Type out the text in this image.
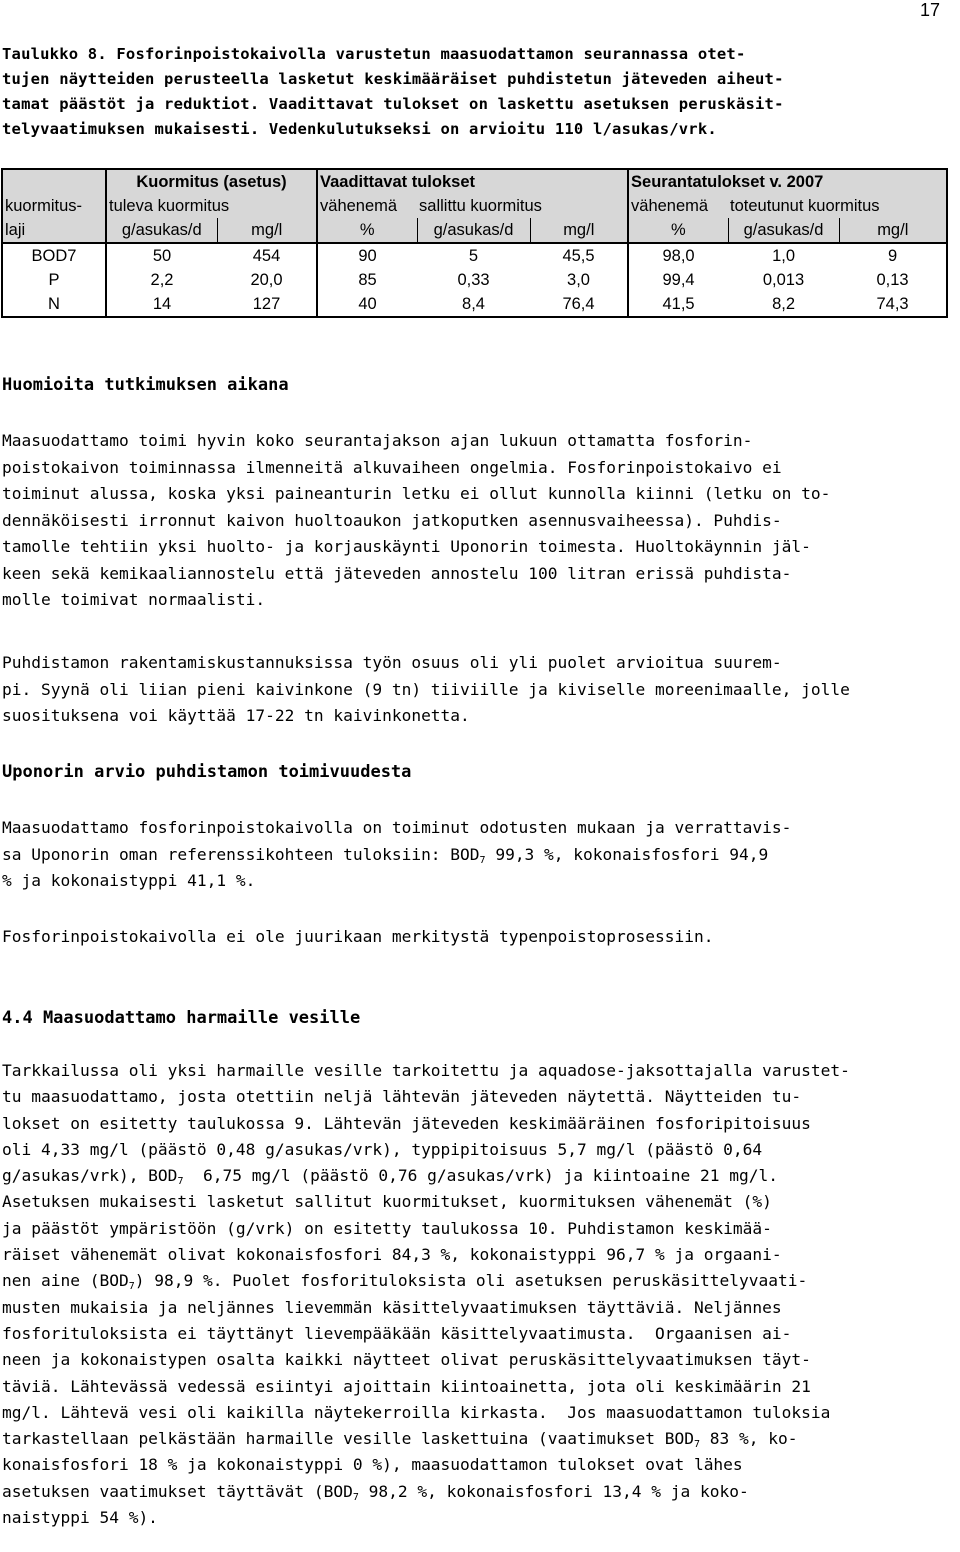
17
Taulukko 8. Fosforinpoistokaivolla varustetun maasuodattamon seurannassa otet-
tujen näytteiden perusteella lasketut keskimääräiset puhdistetun jäteveden aiheut-
tamat päästöt ja reduktiot. Vaadittavat tulokset on laskettu asetuksen peruskäsit-
telyvaatimuksen mukaisesti. Vedenkulutukseksi on arvioitu 110 l/asukas/vrk.
	Kuormitus (asetus)		Vaadittavat tulokset			Seurantatulokset v. 2007		
kuormitus-	tuleva kuormitus		vähenemä	sallittu kuormitus		vähenemä	toteutunut kuormitus	
laji	g/asukas/d	mg/l	%	g/asukas/d	mg/l	%	g/asukas/d	mg/l
BOD7	50	454	90	5	45,5	98,0	1,0	9
P	2,2	20,0	85	0,33	3,0	99,4	0,013	0,13
N	14	127	40	8,4	76,4	41,5	8,2	74,3
Huomioita tutkimuksen aikana
Maasuodattamo toimi hyvin koko seurantajakson ajan lukuun ottamatta fosforin-
poistokaivon toiminnassa ilmenneitä alkuvaiheen ongelmia. Fosforinpoistokaivo ei
toiminut alussa, koska yksi paineanturin letku ei ollut kunnolla kiinni (letku on to-
dennäköisesti irronnut kaivon huoltoaukon jatkoputken asennusvaiheessa). Puhdis-
tamolle tehtiin yksi huolto- ja korjauskäynti Uponorin toimesta. Huoltokäynnin jäl-
keen sekä kemikaaliannostelu että jäteveden annostelu 100 litran erissä puhdista-
molle toimivat normaalisti.
Puhdistamon rakentamiskustannuksissa työn osuus oli yli puolet arvioitua suurem-
pi. Syynä oli liian pieni kaivinkone (9 tn) tiiviille ja kiviselle moreenimaalle, jolle
suosituksena voi käyttää 17-22 tn kaivinkonetta.
Uponorin arvio puhdistamon toimivuudesta
Maasuodattamo fosforinpoistokaivolla on toiminut odotusten mukaan ja verrattavis-
sa Uponorin oman referenssikohteen tuloksiin: $BOD_7$ 99,3 %, kokonaisfosfori 94,9
% ja kokonaistyppi 41,1 %.
Fosforinpoistokaivolla ei ole juurikaan merkitystä typenpoistoprosessiin.
4.4 Maasuodattamo harmaille vesille
Tarkkailussa oli yksi harmaille vesille tarkoitettu ja aquadose-jaksottajalla varustet-
tu maasuodattamo, josta otettiin neljä lähtevän jäteveden näytettä. Näytteiden tu-
lokset on esitetty taulukossa 9. Lähtevän jäteveden keskimääräinen fosforipitoisuus
oli 4,33 mg/l (päästö 0,48 g/asukas/vrk), typpipitoisuus 5,7 mg/l (päästö 0,64
g/asukas/vrk), $BOD_7$  6,75 mg/l (päästö 0,76 g/asukas/vrk) ja kiintoaine 21 mg/l.
Asetuksen mukaisesti lasketut sallitut kuormitukset, kuormituksen vähenemät (%)
ja päästöt ympäristöön (g/vrk) on esitetty taulukossa 10. Puhdistamon keskimää-
räiset vähenemät olivat kokonaisfosfori 84,3 %, kokonaistyppi 96,7 % ja orgaani-
nen aine $(BOD_7)$ 98,9 %. Puolet fosforituloksista oli asetuksen peruskäsittelyvaati-
musten mukaisia ja neljännes lievemmän käsittelyvaatimuksen täyttäviä. Neljännes
fosforituloksista ei täyttänyt lievempääkään käsittelyvaatimusta.  Orgaanisen ai-
neen ja kokonaistypen osalta kaikki näytteet olivat peruskäsittelyvaatimuksen täyt-
täviä. Lähtevässä vedessä esiintyi ajoittain kiintoainetta, jota oli keskimäärin 21
mg/l. Lähtevä vesi oli kaikilla näytekerroilla kirkasta.  Jos maasuodattamon tuloksia
tarkastellaan pelkästään harmaille vesille laskettuina (vaatimukset $BOD_7$ 83 %, ko-
konaisfosfori 18 % ja kokonaistyppi 0 %), maasuodattamon tulokset ovat lähes
asetuksen vaatimukset täyttävät ($BOD_7$ 98,2 %, kokonaisfosfori 13,4 % ja koko-
naistyppi 54 %).
